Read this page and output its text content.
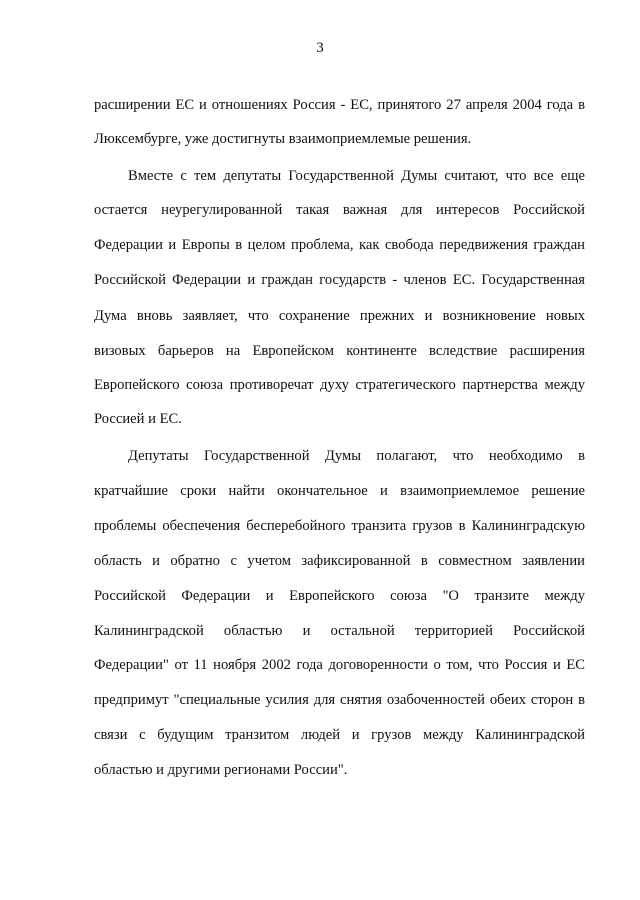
3
расширении ЕС и отношениях Россия - ЕС, принятого 27 апреля 2004 года в
Люксембурге, уже достигнуты взаимоприемлемые решения.
Вместе с тем депутаты Государственной Думы считают, что все еще
остается неурегулированной такая важная для интересов Российской
Федерации и Европы в целом проблема, как свобода передвижения граждан
Российской Федерации и граждан государств - членов ЕС. Государственная
Дума вновь заявляет, что сохранение прежних и возникновение новых
визовых барьеров на Европейском континенте вследствие расширения
Европейского союза противоречат духу стратегического партнерства между
Россией и ЕС.
Депутаты Государственной Думы полагают, что необходимо в
кратчайшие сроки найти окончательное и взаимоприемлемое решение
проблемы обеспечения бесперебойного транзита грузов в Калининградскую
область и обратно с учетом зафиксированной в совместном заявлении
Российской Федерации и Европейского союза "О транзите между
Калининградской областью и остальной территорией Российской
Федерации" от 11 ноября 2002 года договоренности о том, что Россия и ЕС
предпримут "специальные усилия для снятия озабоченностей обеих сторон в
связи с будущим транзитом людей и грузов между Калининградской
областью и другими регионами России".
